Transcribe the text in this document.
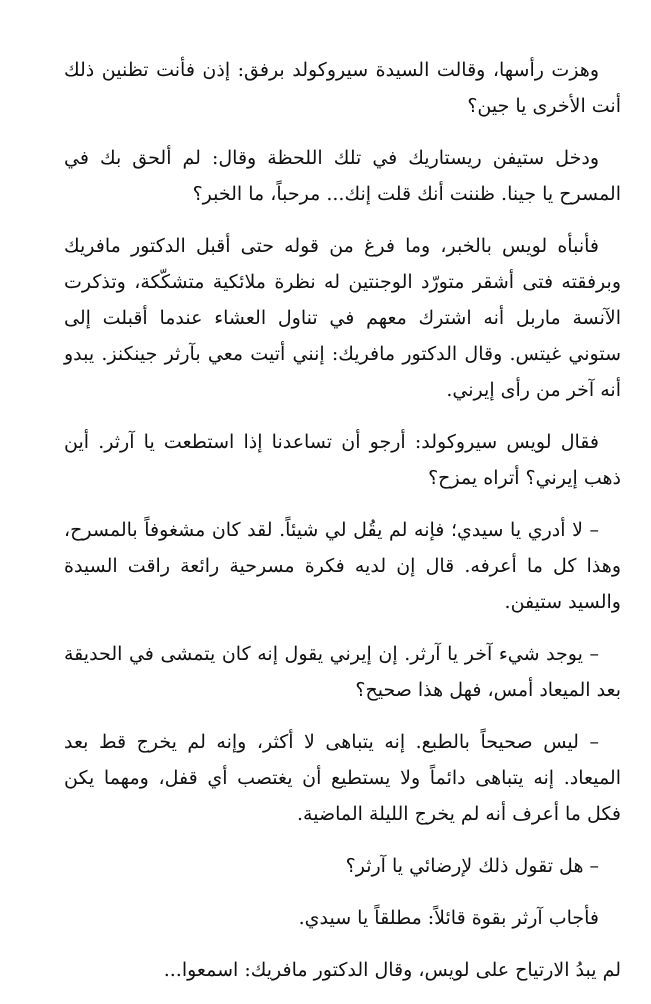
وهزت رأسها، وقالت السيدة سيروكولد برفق: إذن فأنت تظنين ذلك أنت الأخرى يا جين؟

ودخل ستيفن ريستاريك في تلك اللحظة وقال: لم ألحق بك في المسرح يا جينا. ظننت أنك قلت إنك... مرحباً، ما الخبر؟

فأنبأه لويس بالخبر، وما فرغ من قوله حتى أقبل الدكتور مافريك وبرفقته فتى أشقر متورّد الوجنتين له نظرة ملائكية متشكّكة، وتذكرت الآنسة ماربل أنه اشترك معهم في تناول العشاء عندما أقبلت إلى ستوني غيتس. وقال الدكتور مافريك: إنني أتيت معي بآرثر جينكنز. يبدو أنه آخر من رأى إيرني.

فقال لويس سيروكولد: أرجو أن تساعدنا إذا استطعت يا آرثر. أين ذهب إيرني؟ أتراه يمزح؟

– لا أدري يا سيدي؛ فإنه لم يقُل لي شيئاً. لقد كان مشغوفاً بالمسرح، وهذا كل ما أعرفه. قال إن لديه فكرة مسرحية رائعة راقت السيدة والسيد ستيفن.

– يوجد شيء آخر يا آرثر. إن إيرني يقول إنه كان يتمشى في الحديقة بعد الميعاد أمس، فهل هذا صحيح؟

– ليس صحيحاً بالطبع. إنه يتباهى لا أكثر، وإنه لم يخرج قط بعد الميعاد. إنه يتباهى دائماً ولا يستطيع أن يغتصب أي قفل، ومهما يكن فكل ما أعرف أنه لم يخرج الليلة الماضية.

– هل تقول ذلك لإرضائي يا آرثر؟

فأجاب آرثر بقوة قائلاً: مطلقاً يا سيدي.

لم يبدُ الارتياح على لويس، وقال الدكتور مافريك: اسمعوا...
